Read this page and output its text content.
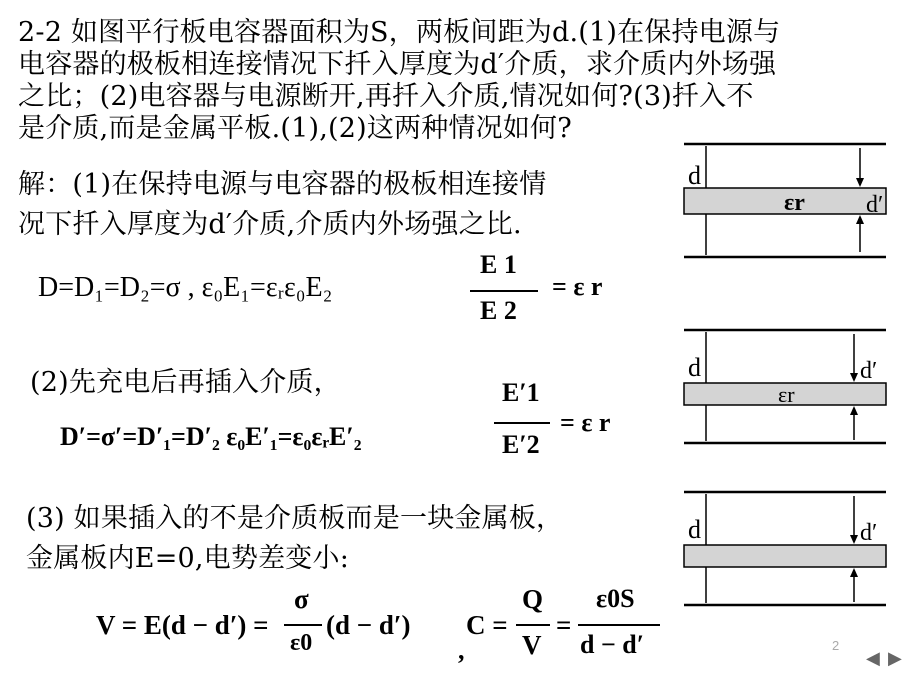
2-2 如图平行板电容器面积为S，两板间距为d.(1)在保持电源与
电容器的极板相连接情况下扦入厚度为d′介质，求介质内外场强
之比；(2)电容器与电源断开,再扦入介质,情况如何?(3)扦入不
是介质,而是金属平板.(1),(2)这两种情况如何?
解：(1)在保持电源与电容器的极板相连接情
况下扦入厚度为d′介质,介质内外场强之比.
D=D₁=D₂=σ , ε₀E₁=εᵣε₀E₂
E 1
E 2
= ε r
(2)先充电后再插入介质，
D′=σ′=D′₁=D′₂ ε₀E′₁=ε₀εᵣE′₂
E′1
E′2
= ε r
(3) 如果插入的不是介质板而是一块金属板，
金属板内E=0,电势差变小:
V = E(d − d′) =
σ
ε0
(d − d′)
,
C =
Q
V
=
ε0S
d − d′
d
d′
εr
d	d′
εr
d	d′
2
◀ ▶
